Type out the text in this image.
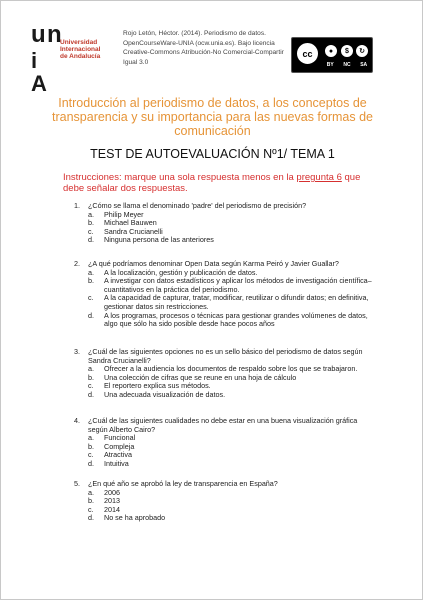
u n
i
A
Universidad
Internacional
de Andalucía
Rojo Letón, Héctor. (2014). Periodismo de datos. OpenCourseWare-UNIA (ocw.unia.es). Bajo licencia Creative-Commons Atribución-No Comercial-Compartir Igual 3.0
cc	●	$	↻
BY NC SA
Introducción al periodismo de datos, a los conceptos de transparencia y su importancia para las nuevas formas de comunicación
TEST DE AUTOEVALUACIÓN Nº1/ TEMA 1
Instrucciones: marque una sola respuesta menos en la pregunta 6 que debe señalar dos respuestas.
1.	¿Cómo se llama el denominado 'padre' del periodismo de precisión?
a. Philip Meyer
b. Michael Bauwen
c. Sandra Crucianelli
d. Ninguna persona de las anteriores
2.	¿A qué podríamos denominar Open Data según Karma Peiró y Javier Guallar?
a. A la localización, gestión y publicación de datos.
b. A investigar con datos estadísticos y aplicar los métodos de investigación científica–cuantitativos en la práctica del periodismo.
c. A la capacidad de capturar, tratar, modificar, reutilizar o difundir datos; en definitiva, gestionar datos sin restricciones.
d. A los programas, procesos o técnicas para gestionar grandes volúmenes de datos, algo que sólo ha sido posible desde hace pocos años
3.	¿Cuál de las siguientes opciones no es un sello básico del periodismo de datos según Sandra Crucianelli?
a. Ofrecer a la audiencia los documentos de respaldo sobre los que se trabajaron.
b. Una colección de cifras que se reune en una hoja de cálculo
c. El reportero explica sus métodos.
d. Una adecuada visualización de datos.
4.	¿Cuál de las siguientes cualidades no debe estar en una buena visualización gráfica según Alberto Cairo?
a. Funcional
b. Compleja
c. Atractiva
d. Intuitiva
5.	¿En qué año se aprobó la ley de transparencia en España?
a. 2006
b. 2013
c. 2014
d. No se ha aprobado
